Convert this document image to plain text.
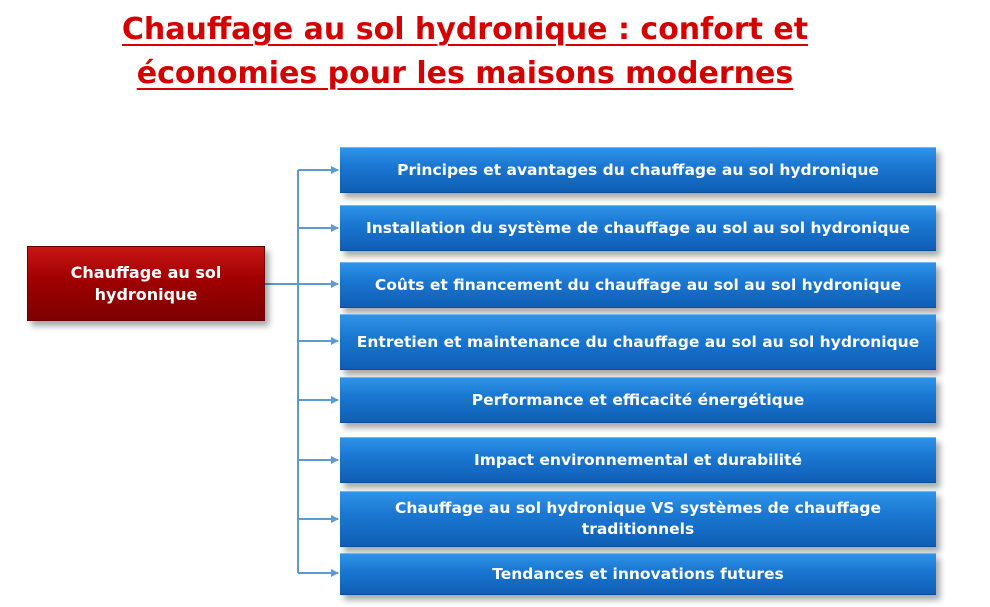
Chauffage au sol hydronique : confort et
économies pour les maisons modernes
Chauffage au sol hydronique
Principes et avantages du chauffage au sol hydronique
Installation du système de chauffage au sol au sol hydronique
Coûts et financement du chauffage au sol au sol hydronique
Entretien et maintenance du chauffage au sol au sol hydronique
Performance et efficacité énergétique
Impact environnemental et durabilité
Chauffage au sol hydronique VS systèmes de chauffage traditionnels
Tendances et innovations futures
